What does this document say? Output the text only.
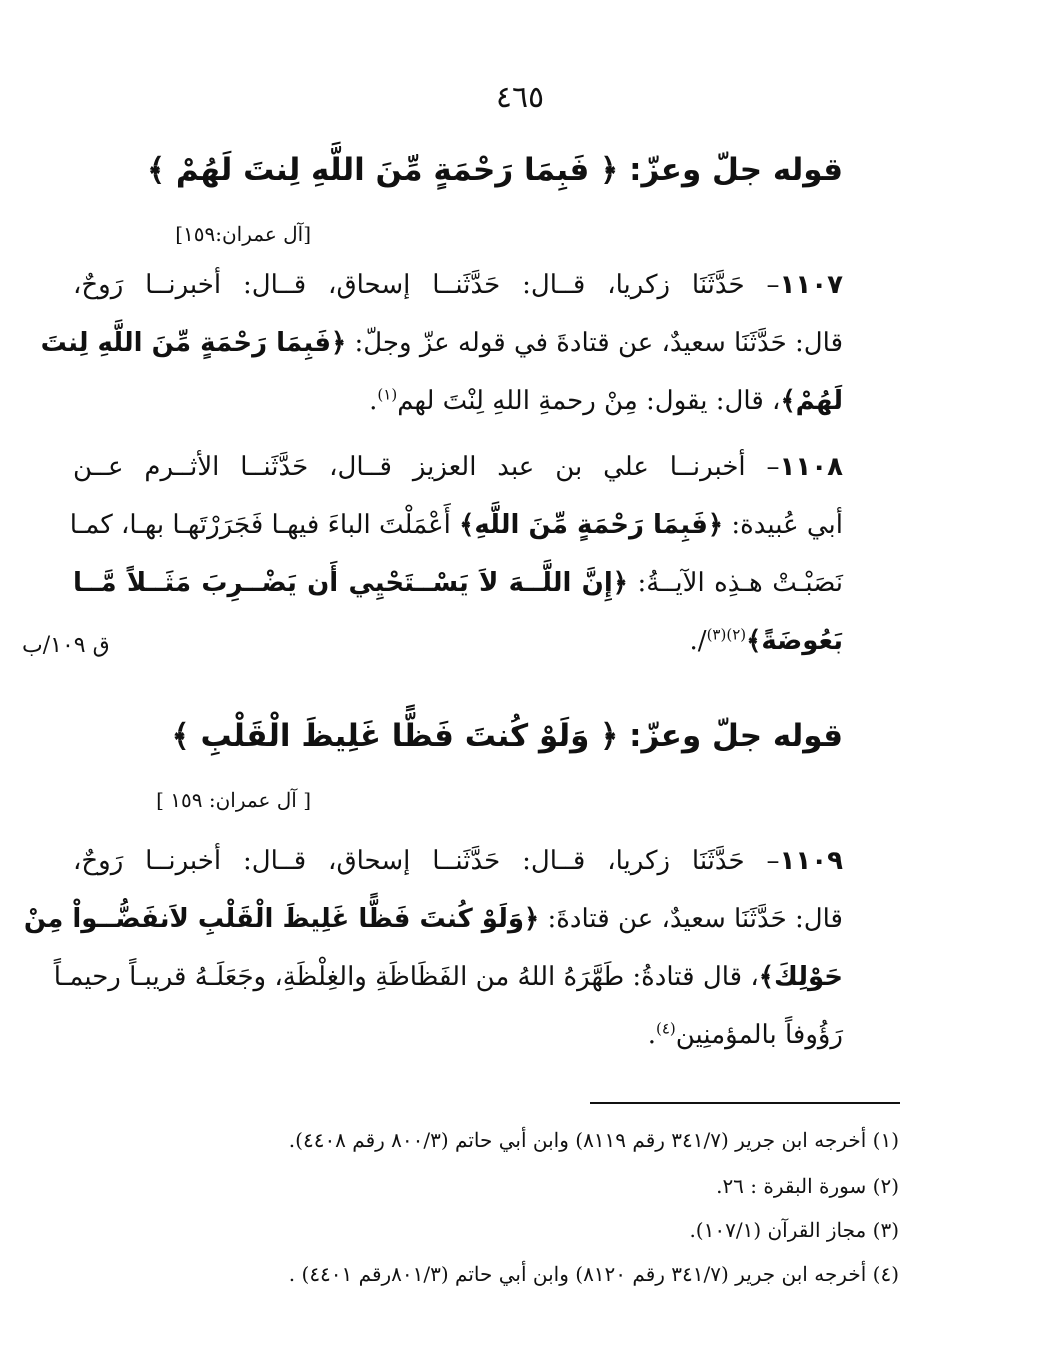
٤٦٥
قوله جلّ وعزّ: ﴿ فَبِمَا رَحْمَةٍ مِّنَ اللَّهِ لِنتَ لَهُمْ ﴾
[آل عمران:١٥٩]
١١٠٧– حَدَّثَنَا زكريا، قــال: حَدَّثَنــا إسحاق، قــال: أخبرنــا رَوحٌ،
قال: حَدَّثَنَا سعيدٌ، عن قتادةَ في قوله عزّ وجلّ: ﴿فَبِمَا رَحْمَةٍ مِّنَ اللَّهِ لِنتَ
لَهُمْ﴾، قال: يقول: مِنْ رحمةِ اللهِ لِنْتَ لهم$^{(١)}$.
١١٠٨– أخبرنــا علي بن عبد العزيز قــال، حَدَّثَنــا الأثــرم عــن
أبي عُبيدة: ﴿فَبِمَا رَحْمَةٍ مِّنَ اللَّهِ﴾ أَعْمَلْتَ الباءَ فيهـا فَجَرَرْتَهـا بهـا، كمـا
نَصَبْـتْ هـذِه الآيــةُ: ﴿إِنَّ اللَّــهَ لاَ يَسْــتَحْيِي أَن يَضْــرِبَ مَثَــلاً مَّــا
بَعُوضَةً﴾$^{(٢)(٣)}$/.
ق ١٠٩/ب
قوله جلّ وعزّ: ﴿ وَلَوْ كُنتَ فَظًّا غَلِيظَ الْقَلْبِ ﴾
[ آل عمران: ١٥٩ ]
١١٠٩– حَدَّثَنَا زكريا، قــال: حَدَّثَنــا إسحاق، قــال: أخبرنــا رَوحٌ،
قال: حَدَّثَنَا سعيدٌ، عن قتادةَ: ﴿وَلَوْ كُنتَ فَظًّا غَلِيظَ الْقَلْبِ لاَنفَضُّــواْ مِنْ
حَوْلِكَ﴾، قال قتادةُ: طَهَّرَهُ اللهُ من الفَظَاظَةِ والغِلْظَةِ، وجَعَلَـهُ قريبـاً رحيمـاً
رَؤُوفاً بالمؤمنِين$^{(٤)}$.
(١) أخرجه ابن جرير (٣٤١/٧ رقم ٨١١٩) وابن أبي حاتم (٨٠٠/٣ رقم ٤٤٠٨).
(٢) سورة البقرة : ٢٦.
(٣) مجاز القرآن (١٠٧/١).
(٤) أخرجه ابن جرير (٣٤١/٧ رقم ٨١٢٠) وابن أبي حاتم (٨٠١/٣رقم ٤٤٠١) .
